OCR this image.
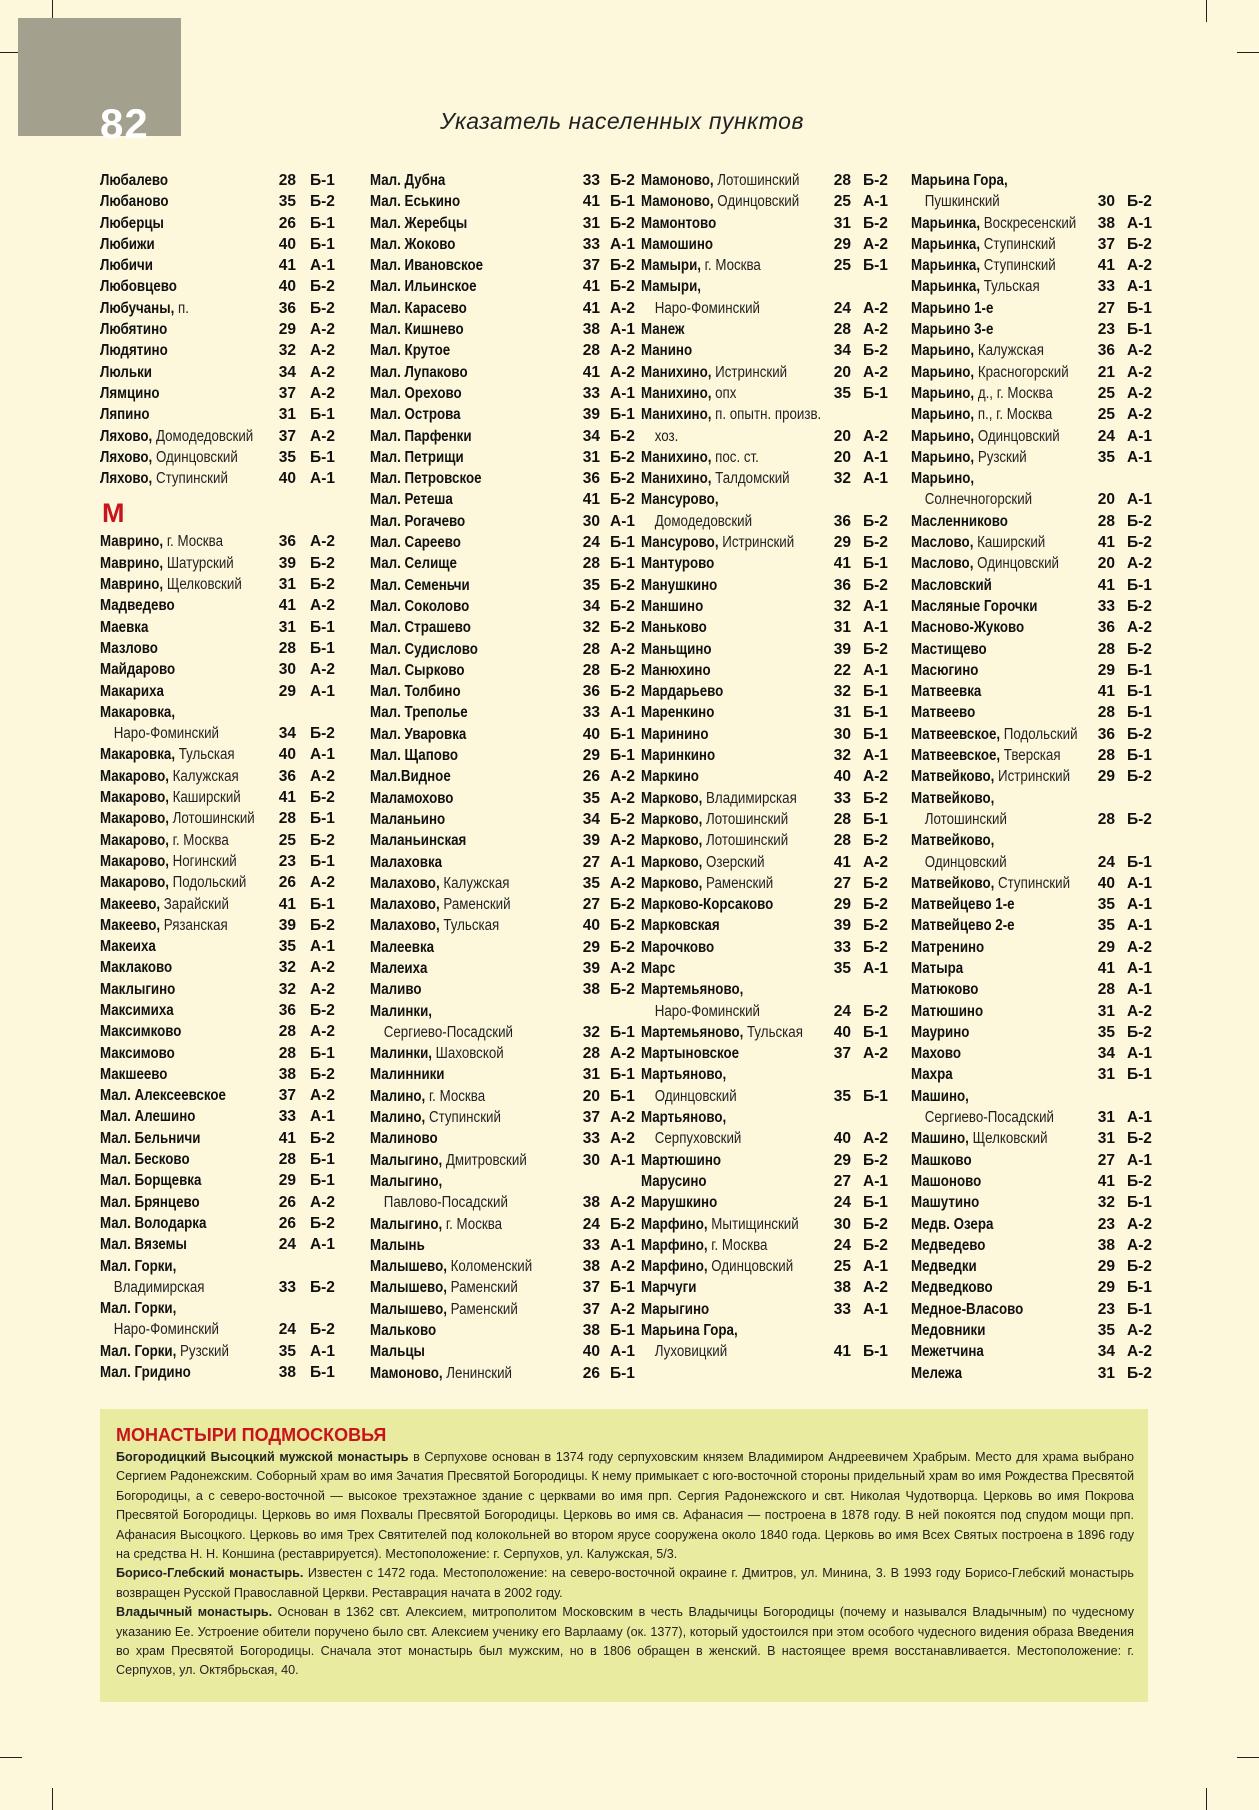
82	Указатель населенных пунктов
Любалево	28 Б-1
Любаново	35 Б-2
Люберцы	26 Б-1
Любижи	40 Б-1
Любичи	41 А-1
Любовцево	40 Б-2
Любучаны, п.	36 Б-2
Любятино	29 А-2
Людятино	32 А-2
Люльки	34 А-2
Лямцино	37 А-2
Ляпино	31 Б-1
Ляхово, Домодедовский	37 А-2
Ляхово, Одинцовский	35 Б-1
Ляхово, Ступинский	40 А-1
М
Маврино, г. Москва	36 А-2
Маврино, Шатурский	39 Б-2
Маврино, Щелковский	31 Б-2
Мадведево	41 А-2
Маевка	31 Б-1
Мазлово	28 Б-1
Майдарово	30 А-2
Макариха	29 А-1
Макаровка,
Наро-Фоминский	34 Б-2
Макаровка, Тульская	40 А-1
Макарово, Калужская	36 А-2
Макарово, Каширский	41 Б-2
Макарово, Лотошинский	28 Б-1
Макарово, г. Москва	25 Б-2
Макарово, Ногинский	23 Б-1
Макарово, Подольский	26 А-2
Макеево, Зарайский	41 Б-1
Макеево, Рязанская	39 Б-2
Макеиха	35 А-1
Маклаково	32 А-2
Маклыгино	32 А-2
Максимиха	36 Б-2
Максимково	28 А-2
Максимово	28 Б-1
Макшеево	38 Б-2
Мал. Алексеевское	37 А-2
Мал. Алешино	33 А-1
Мал. Бельничи	41 Б-2
Мал. Бесково	28 Б-1
Мал. Борщевка	29 Б-1
Мал. Брянцево	26 А-2
Мал. Володарка	26 Б-2
Мал. Вяземы	24 А-1
Мал. Горки,
Владимирская	33 Б-2
Мал. Горки,
Наро-Фоминский	24 Б-2
Мал. Горки, Рузский	35 А-1
Мал. Гридино	38 Б-1
Мал. Дубна	33 Б-2
Мал. Еськино	41 Б-1
Мал. Жеребцы	31 Б-2
Мал. Жоково	33 А-1
Мал. Ивановское	37 Б-2
Мал. Ильинское	41 Б-2
Мал. Карасево	41 А-2
Мал. Кишнево	38 А-1
Мал. Крутое	28 А-2
Мал. Лупаково	41 А-2
Мал. Орехово	33 А-1
Мал. Острова	39 Б-1
Мал. Парфенки	34 Б-2
Мал. Петрищи	31 Б-2
Мал. Петровское	36 Б-2
Мал. Ретеша	41 Б-2
Мал. Рогачево	30 А-1
Мал. Сареево	24 Б-1
Мал. Селище	28 Б-1
Мал. Семеньчи	35 Б-2
Мал. Соколово	34 Б-2
Мал. Страшево	32 Б-2
Мал. Судислово	28 А-2
Мал. Сырково	28 Б-2
Мал. Толбино	36 Б-2
Мал. Треполье	33 А-1
Мал. Уваровка	40 Б-1
Мал. Щапово	29 Б-1
Мал.Видное	26 А-2
Маламохово	35 А-2
Маланьино	34 Б-2
Маланьинская	39 А-2
Малаховка	27 А-1
Малахово, Калужская	35 А-2
Малахово, Раменский	27 Б-2
Малахово, Тульская	40 Б-2
Малеевка	29 Б-2
Малеиха	39 А-2
Маливо	38 Б-2
Малинки,
Сергиево-Посадский	32 Б-1
Малинки, Шаховской	28 А-2
Малинники	31 Б-1
Малино, г. Москва	20 Б-1
Малино, Ступинский	37 А-2
Малиново	33 А-2
Малыгино, Дмитровский	30 А-1
Малыгино,
Павлово-Посадский	38 А-2
Малыгино, г. Москва	24 Б-2
Малынь	33 А-1
Малышево, Коломенский	38 А-2
Малышево, Раменский	37 Б-1
Малышево, Раменский	37 А-2
Мальково	38 Б-1
Мальцы	40 А-1
Мамоново, Ленинский	26 Б-1
Мамоново, Лотошинский	28 Б-2
Мамоново, Одинцовский	25 А-1
Мамонтово	31 Б-2
Мамошино	29 А-2
Мамыри, г. Москва	25 Б-1
Мамыри,
Наро-Фоминский	24 А-2
Манеж	28 А-2
Манино	34 Б-2
Манихино, Истринский	20 А-2
Манихино, опх	35 Б-1
Манихино, п. опытн. произв.
хоз.	20 А-2
Манихино, пос. ст.	20 А-1
Манихино, Талдомский	32 А-1
Мансурово,
Домодедовский	36 Б-2
Мансурово, Истринский	29 Б-2
Мантурово	41 Б-1
Манушкино	36 Б-2
Маншино	32 А-1
Маньково	31 А-1
Маньщино	39 Б-2
Манюхино	22 А-1
Мардарьево	32 Б-1
Маренкино	31 Б-1
Маринино	30 Б-1
Маринкино	32 А-1
Маркино	40 А-2
Марково, Владимирская	33 Б-2
Марково, Лотошинский	28 Б-1
Марково, Лотошинский	28 Б-2
Марково, Озерский	41 А-2
Марково, Раменский	27 Б-2
Марково-Корсаково	29 Б-2
Марковская	39 Б-2
Марочково	33 Б-2
Марс	35 А-1
Мартемьяново,
Наро-Фоминский	24 Б-2
Мартемьяново, Тульская	40 Б-1
Мартыновское	37 А-2
Мартьяново,
Одинцовский	35 Б-1
Мартьяново,
Серпуховский	40 А-2
Мартюшино	29 Б-2
Марусино	27 А-1
Марушкино	24 Б-1
Марфино, Мытищинский	30 Б-2
Марфино, г. Москва	24 Б-2
Марфино, Одинцовский	25 А-1
Марчуги	38 А-2
Марыгино	33 А-1
Марьина Гора,
Луховицкий	41 Б-1
Марьина Гора,
Пушкинский	30 Б-2
Марьинка, Воскресенский	38 А-1
Марьинка, Ступинский	37 Б-2
Марьинка, Ступинский	41 А-2
Марьинка, Тульская	33 А-1
Марьино 1-е	27 Б-1
Марьино 3-е	23 Б-1
Марьино, Калужская	36 А-2
Марьино, Красногорский	21 А-2
Марьино, д., г. Москва	25 А-2
Марьино, п., г. Москва	25 А-2
Марьино, Одинцовский	24 А-1
Марьино, Рузский	35 А-1
Марьино,
Солнечногорский	20 А-1
Масленниково	28 Б-2
Маслово, Каширский	41 Б-2
Маслово, Одинцовский	20 А-2
Масловский	41 Б-1
Масляные Горочки	33 Б-2
Масново-Жуково	36 А-2
Мастищево	28 Б-2
Масюгино	29 Б-1
Матвеевка	41 Б-1
Матвеево	28 Б-1
Матвеевское, Подольский	36 Б-2
Матвеевское, Тверская	28 Б-1
Матвейково, Истринский	29 Б-2
Матвейково,
Лотошинский	28 Б-2
Матвейково,
Одинцовский	24 Б-1
Матвейково, Ступинский	40 А-1
Матвейцево 1-е	35 А-1
Матвейцево 2-е	35 А-1
Матренино	29 А-2
Матыра	41 А-1
Матюково	28 А-1
Матюшино	31 А-2
Маурино	35 Б-2
Махово	34 А-1
Махра	31 Б-1
Машино,
Сергиево-Посадский	31 А-1
Машино, Щелковский	31 Б-2
Машково	27 А-1
Машоново	41 Б-2
Машутино	32 Б-1
Медв. Озера	23 А-2
Медведево	38 А-2
Медведки	29 Б-2
Медведково	29 Б-1
Медное-Власово	23 Б-1
Медовники	35 А-2
Межетчина	34 А-2
Мележа	31 Б-2
МОНАСТЫРИ ПОДМОСКОВЬЯ
Богородицкий Высоцкий мужской монастырь в Серпухове основан в 1374 году серпуховским князем Владимиром Андреевичем Храбрым. Место для храма выбрано Сергием Радонежским. Соборный храм во имя Зачатия Пресвятой Богородицы. К нему примыкает с юго-восточной стороны придельный храм во имя Рождества Пресвятой Богородицы, а с северо-восточной — высокое трехэтажное здание с церквами во имя прп. Сергия Радонежского и свт. Николая Чудотворца. Церковь во имя Покрова Пресвятой Богородицы. Церковь во имя Похвалы Пресвятой Богородицы. Церковь во имя св. Афанасия — построена в 1878 году. В ней покоятся под спудом мощи прп. Афанасия Высоцкого. Церковь во имя Трех Святителей под колокольней во втором ярусе сооружена около 1840 года. Церковь во имя Всех Святых построена в 1896 году на средства Н. Н. Коншина (реставрируется). Местоположение: г. Серпухов, ул. Калужская, 5/3.
Борисо-Глебский монастырь. Известен с 1472 года. Местоположение: на северо-восточной окраине г. Дмитров, ул. Минина, 3. В 1993 году Борисо-Глебский монастырь возвращен Русской Православной Церкви. Реставрация начата в 2002 году.
Владычный монастырь. Основан в 1362 свт. Алексием, митрополитом Московским в честь Владычицы Богородицы (почему и назывался Владычным) по чудесному указанию Ее. Устроение обители поручено было свт. Алексием ученику его Варлааму (ок. 1377), который удостоился при этом особого чудесного видения образа Введения во храм Пресвятой Богородицы. Сначала этот монастырь был мужским, но в 1806 обращен в женский. В настоящее время восстанавливается. Местоположение: г. Серпухов, ул. Октябрьская, 40.
